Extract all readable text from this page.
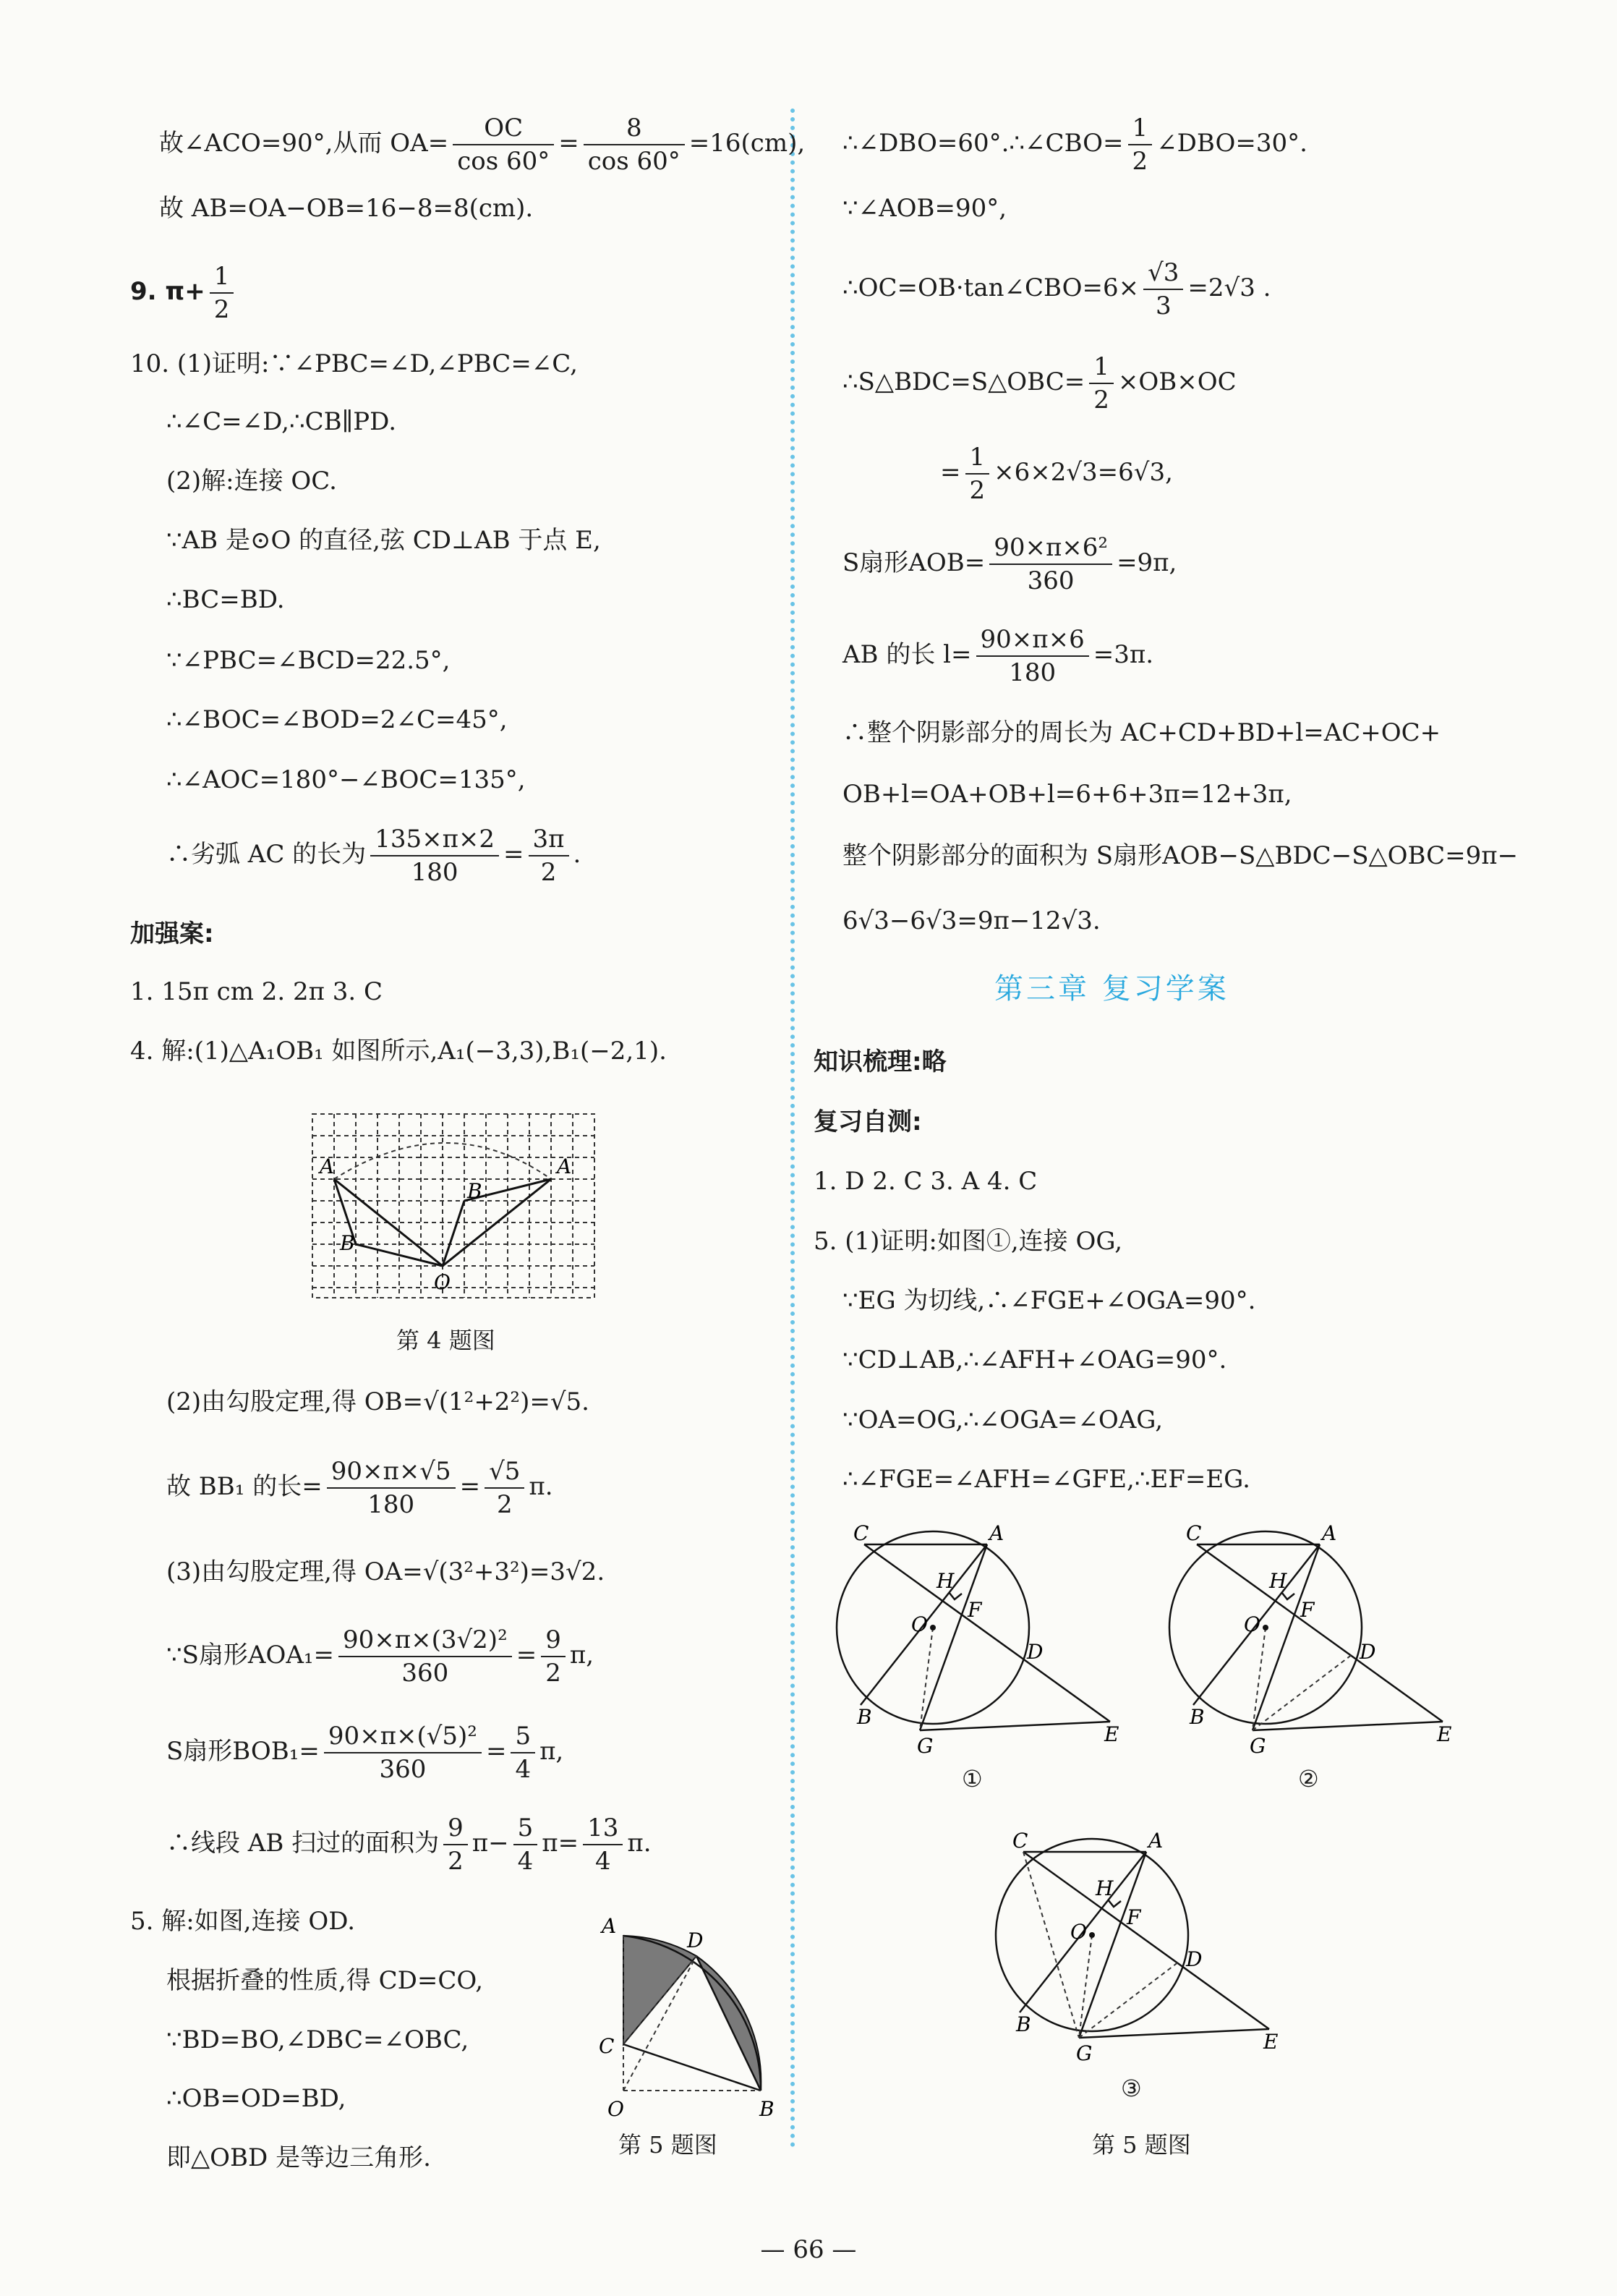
故∠ACO=90°,从而 $OA= \frac{OC}{\cos 60^\circ} = \frac{8}{\cos 60^\circ} =16(cm)$,
故 AB=OA−OB=16−8=8(cm).
9. $\pi+ \frac{1}{2}$
10. (1)证明:∵∠PBC=∠D,∠PBC=∠C,
∴∠C=∠D,∴CB∥PD.
(2)解:连接 OC.
∵AB 是⊙O 的直径,弦 CD⊥AB 于点 E,
∴BC=BD.
∵∠PBC=∠BCD=22.5°,
∴∠BOC=∠BOD=2∠C=45°,
∴∠AOC=180°−∠BOC=135°,
∴劣弧 AC 的长为 $\frac{135\times\pi\times 2}{180} = \frac{3\pi}{2}$ .
加强案:
1. 15π cm 2. 2π 3. C
4. 解:(1)△A₁OB₁ 如图所示,A₁(−3,3),B₁(−2,1).
A	A
B
B
O
第 4 题图
(2)由勾股定理,得 OB=√(1²+2²)=√5.
故 BB₁ 的长= $\frac{90\times\pi\times√5}{180} = \frac{√5}{2} \pi$.
(3)由勾股定理,得 OA=√(3²+3²)=3√2.
∵S扇形$AOA_1= \frac{\text{90×π×(3√2)²}}{360} = \frac{9}{2} \pi$,
S扇形$BOB_1= \frac{\text{90×π×(√5)²}}{360} = \frac{5}{4} \pi$,
∴线段 AB 扫过的面积为 $\frac{9}{2} \pi- \frac{5}{4} \pi= \frac{13}{4} \pi$.
5. 解:如图,连接 OD.
根据折叠的性质,得 CD=CO,
∵BD=BO,∠DBC=∠OBC,
∴OB=OD=BD,
即△OBD 是等边三角形.
A
D
C
O	B
第 5 题图
∴∠DBO=60°.∴∠CBO= $\frac{1}{2}$ ∠DBO=30°.
∵∠AOB=90°,
∴OC=OB·tan∠CBO=6× $\frac{√3}{3} =2√3$ .
∴S△BDC=S△OBC= $\frac{1}{2} \times OB\times OC$
= $\frac{1}{2} \times 6\times 2√3=6√3$,
S扇形$AOB= \frac{\text{90×π×6²}}{360} =9\pi$,
AB 的长 $l= \frac{90\times\pi\times 6}{180} =3\pi$.
∴整个阴影部分的周长为 AC+CD+BD+l=AC+OC+
OB+l=OA+OB+l=6+6+3π=12+3π,
整个阴影部分的面积为 S扇形AOB−S△BDC−S△OBC=9π−
6√3−6√3=9π−12√3.
第三章 复习学案
知识梳理:略
复习自测:
1. D 2. C 3. A 4. C
5. (1)证明:如图①,连接 OG,
∵EG 为切线,∴∠FGE+∠OGA=90°.
∵CD⊥AB,∴∠AFH+∠OAG=90°.
∵OA=OG,∴∠OGA=∠OAG,
∴∠FGE=∠AFH=∠GFE,∴EF=EG.
C	A
H
F
O
D
B
G	E
C	A
H
F
O
D
B
G	E
①	②
C	A
H
F
O
D
B
G	E
③
第 5 题图
— 66 —
